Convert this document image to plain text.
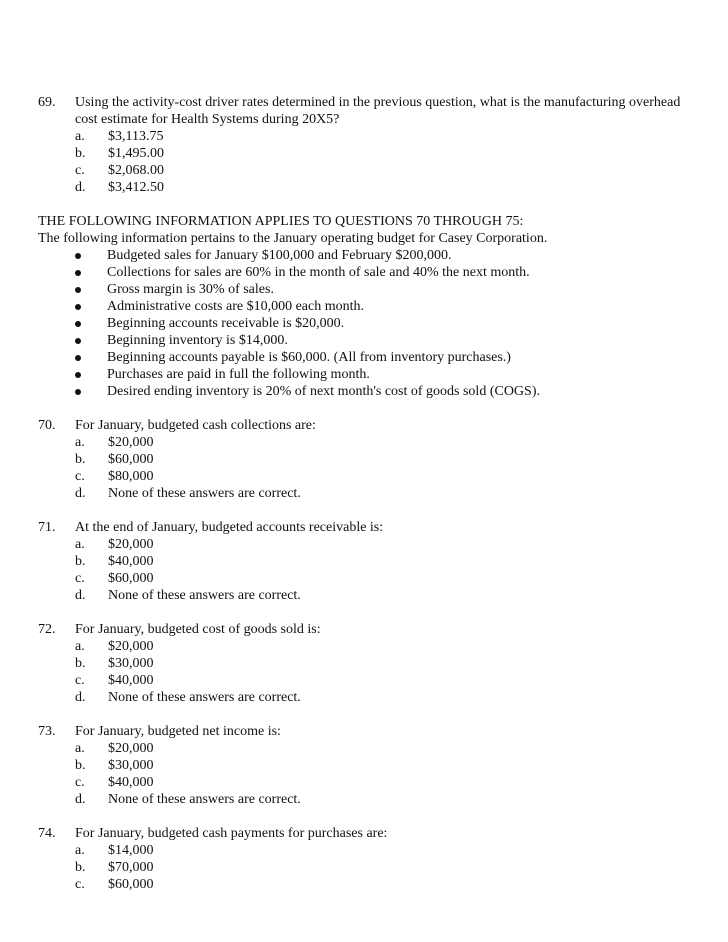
69. Using the activity-cost driver rates determined in the previous question, what is the manufacturing overhead cost estimate for Health Systems during 20X5?
a. $3,113.75
b. $1,495.00
c. $2,068.00
d. $3,412.50
THE FOLLOWING INFORMATION APPLIES TO QUESTIONS 70 THROUGH 75:
The following information pertains to the January operating budget for Casey Corporation.
Budgeted sales for January $100,000 and February $200,000.
Collections for sales are 60% in the month of sale and 40% the next month.
Gross margin is 30% of sales.
Administrative costs are $10,000 each month.
Beginning accounts receivable is $20,000.
Beginning inventory is $14,000.
Beginning accounts payable is $60,000. (All from inventory purchases.)
Purchases are paid in full the following month.
Desired ending inventory is 20% of next month's cost of goods sold (COGS).
70. For January, budgeted cash collections are:
a. $20,000
b. $60,000
c. $80,000
d. None of these answers are correct.
71. At the end of January, budgeted accounts receivable is:
a. $20,000
b. $40,000
c. $60,000
d. None of these answers are correct.
72. For January, budgeted cost of goods sold is:
a. $20,000
b. $30,000
c. $40,000
d. None of these answers are correct.
73. For January, budgeted net income is:
a. $20,000
b. $30,000
c. $40,000
d. None of these answers are correct.
74. For January, budgeted cash payments for purchases are:
a. $14,000
b. $70,000
c. $60,000
